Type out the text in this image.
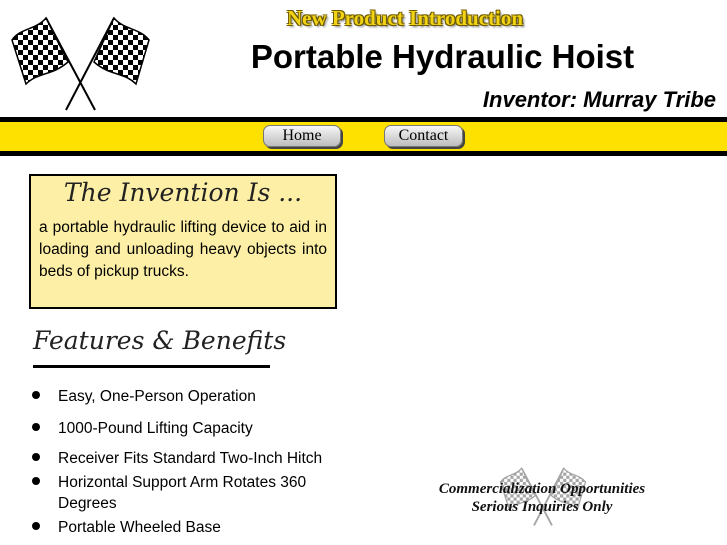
New Product Introduction
Portable Hydraulic Hoist
Inventor: Murray Tribe
Home	Contact
The Invention Is ...
a portable hydraulic lifting device to aid in loading and unloading heavy objects into beds of pickup trucks.
Features & Benefits
Easy, One-Person Operation
1000-Pound Lifting Capacity
Receiver Fits Standard Two-Inch Hitch
Horizontal Support Arm Rotates 360 Degrees
Portable Wheeled Base
Commercialization Opportunities
Serious Inquiries Only
